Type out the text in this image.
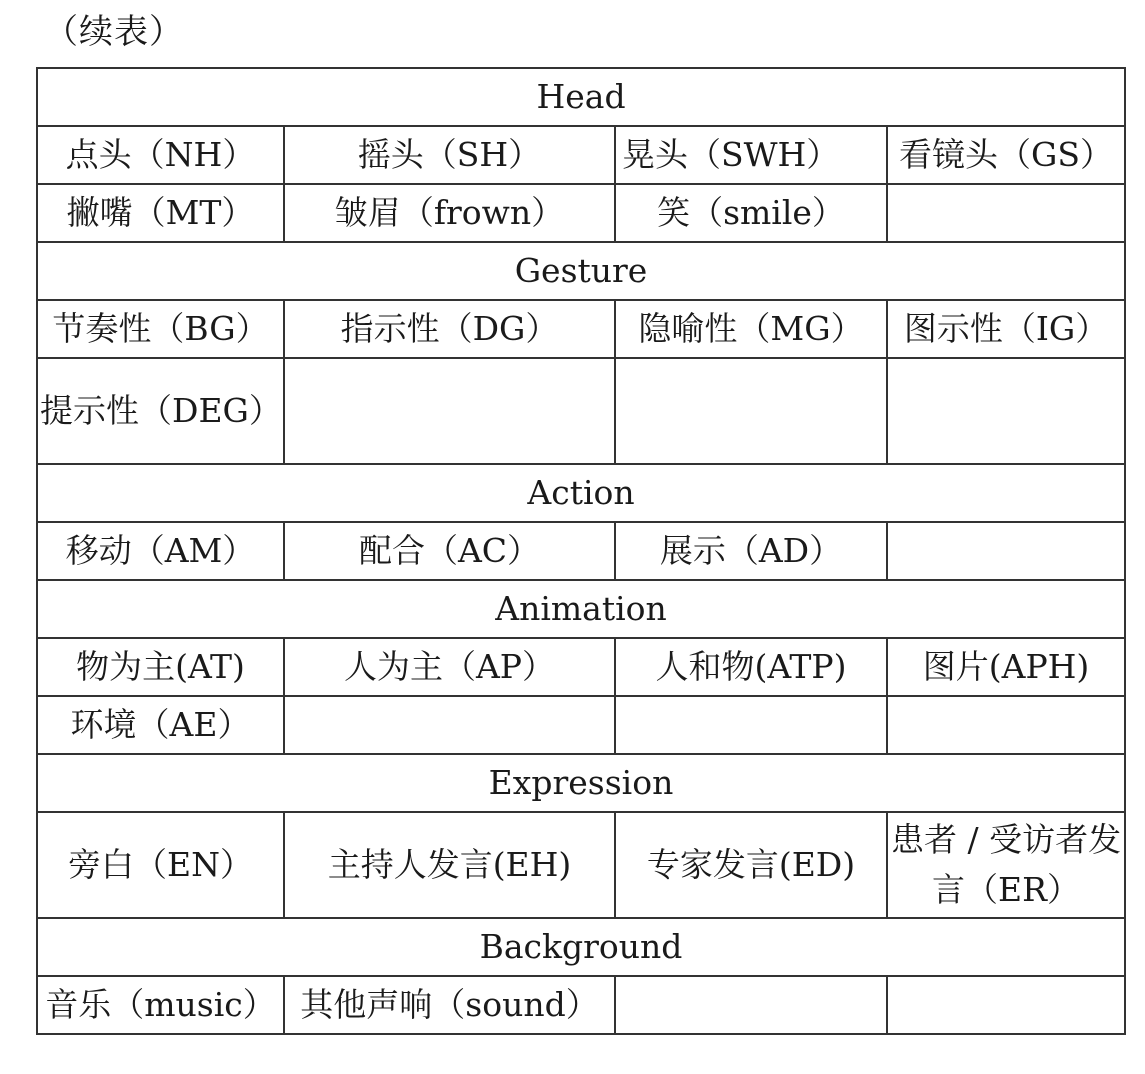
（续表）
Head			
点头（NH）	摇头（SH）	晃头（SWH）	看镜头（GS）
撇嘴（MT）	皱眉（frown）	笑（smile）	
Gesture			
节奏性（BG）	指示性（DG）	隐喻性（MG）	图示性（IG）
提示性（DEG）			
Action			
移动（AM）	配合（AC）	展示（AD）	
Animation			
物为主(AT)	人为主（AP）	人和物(ATP)	图片(APH)
环境（AE）			
Expression			
旁白（EN）	主持人发言(EH)	专家发言(ED)	患者 / 受访者发言（ER）
Background			
音乐（music）	其他声响（sound）		
